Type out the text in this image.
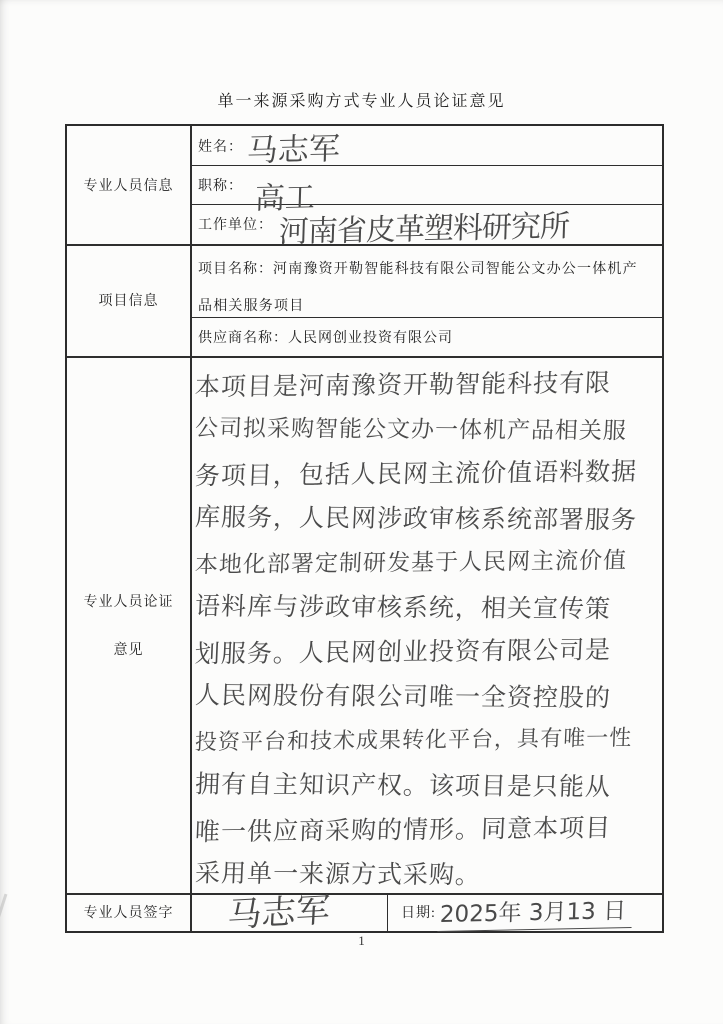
单一来源采购方式专业人员论证意见
专业人员信息
姓名： 马志军
职称： 高工
工作单位： 河南省皮革塑料研究所
项目信息
项目名称：河南豫资开勒智能科技有限公司智能公文办公一体机产品相关服务项目
供应商名称： 人民网创业投资有限公司
专业人员论证
意见
本项目是河南豫资开勒智能科技有限
公司拟采购智能公文办一体机产品相关服
务项目，包括人民网主流价值语料数据
库服务，人民网涉政审核系统部署服务
本地化部署定制研发基于人民网主流价值
语料库与涉政审核系统，相关宣传策
划服务。人民网创业投资有限公司是
人民网股份有限公司唯一全资控股的
投资平台和技术成果转化平台，具有唯一性
拥有自主知识产权。该项目是只能从
唯一供应商采购的情形。同意本项目
采用单一来源方式采购。
专业人员签字	马志军	日期: 2025年 3月13 日
1
